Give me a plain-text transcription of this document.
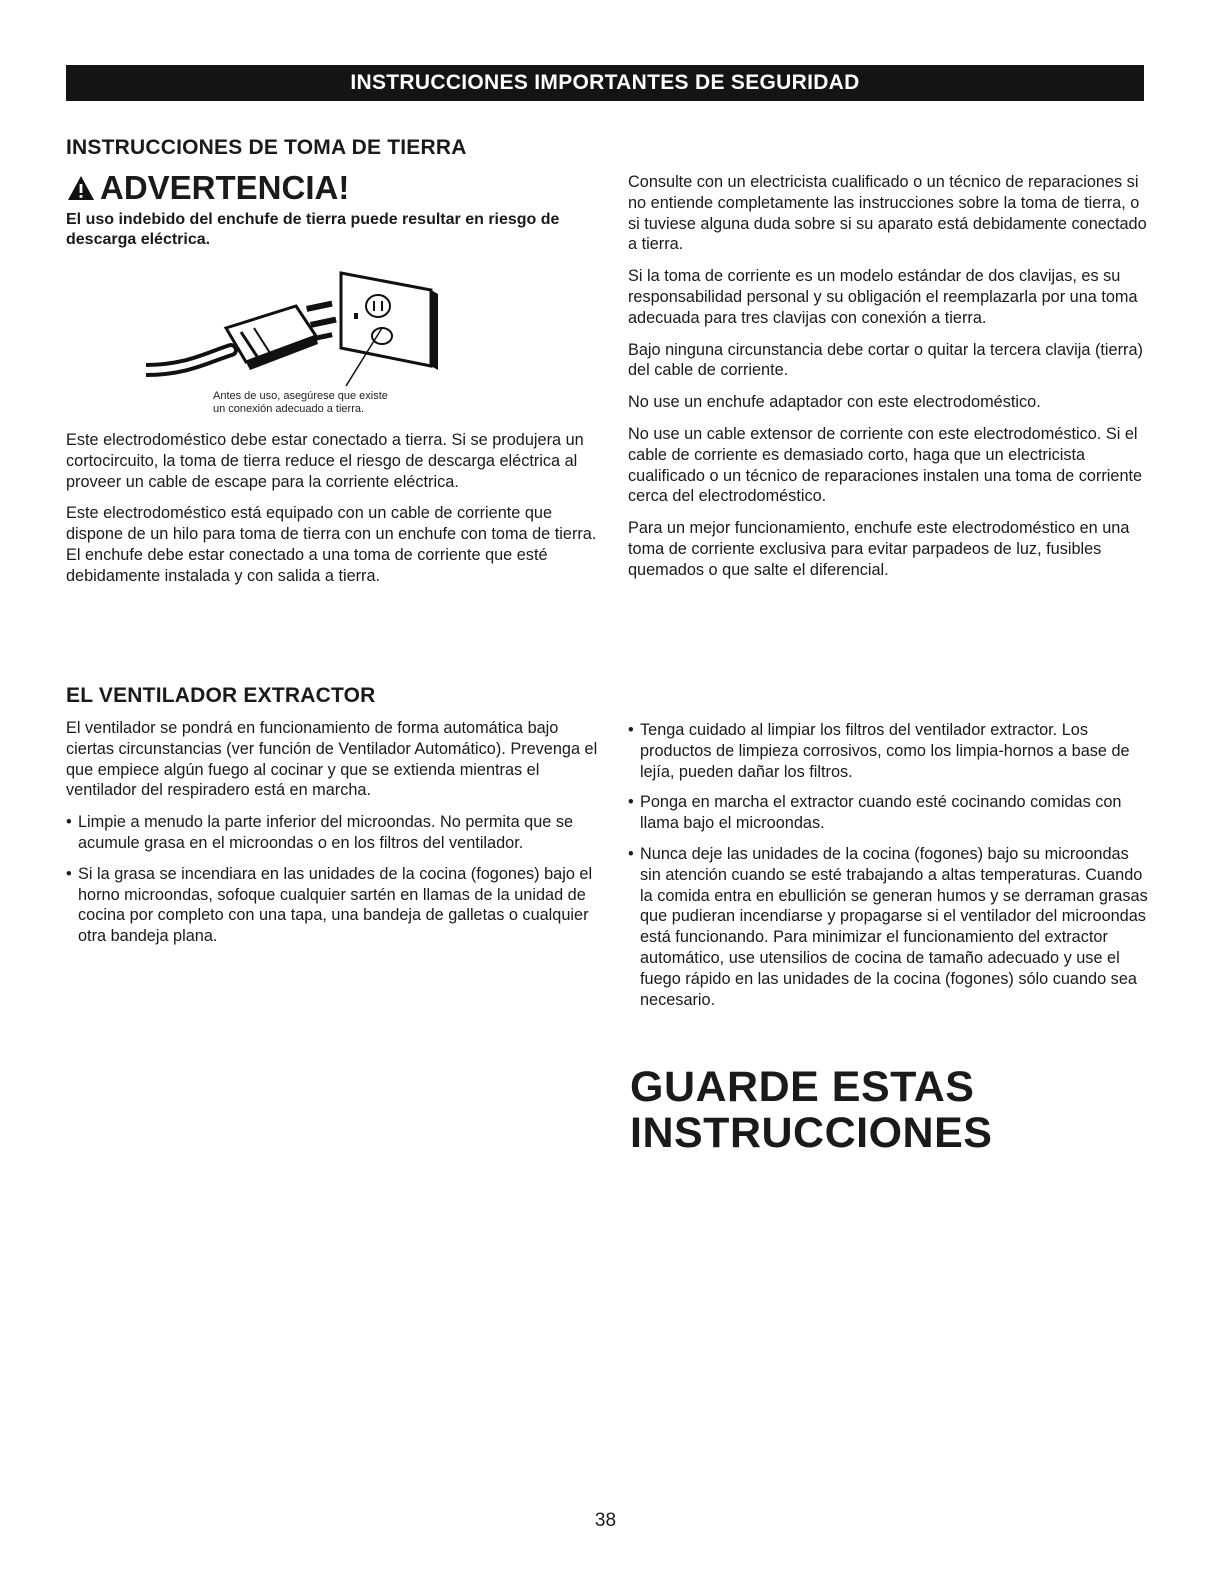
INSTRUCCIONES IMPORTANTES DE SEGURIDAD
INSTRUCCIONES DE TOMA DE TIERRA
ADVERTENCIA!

El uso indebido del enchufe de tierra puede resultar en riesgo de descarga eléctrica.

Antes de uso, asegúrese que existe
un conexión adecuado a tierra.

Este electrodoméstico debe estar conectado a tierra. Si se produjera un cortocircuito, la toma de tierra reduce el riesgo de descarga eléctrica al proveer un cable de escape para la corriente eléctrica.

Este electrodoméstico está equipado con un cable de corriente que dispone de un hilo para toma de tierra con un enchufe con toma de tierra. El enchufe debe estar conectado a una toma de corriente que esté debidamente instalada y con salida a tierra.

Consulte con un electricista cualificado o un técnico de reparaciones si no entiende completamente las instrucciones sobre la toma de tierra, o si tuviese alguna duda sobre si su aparato está debidamente conectado a tierra.

Si la toma de corriente es un modelo estándar de dos clavijas, es su responsabilidad personal y su obligación el reemplazarla por una toma adecuada para tres clavijas con conexión a tierra.

Bajo ninguna circunstancia debe cortar o quitar la tercera clavija (tierra) del cable de corriente.

No use un enchufe adaptador con este electrodoméstico.

No use un cable extensor de corriente con este electrodoméstico. Si el cable de corriente es demasiado corto, haga que un electricista cualificado o un técnico de reparaciones instalen una toma de corriente cerca del electrodoméstico.

Para un mejor funcionamiento, enchufe este electrodoméstico en una toma de corriente exclusiva para evitar parpadeos de luz, fusibles quemados o que salte el diferencial.

EL VENTILADOR EXTRACTOR

El ventilador se pondrá en funcionamiento de forma automática bajo ciertas circunstancias (ver función de Ventilador Automático). Prevenga el que empiece algún fuego al cocinar y que se extienda mientras el ventilador del respiradero está en marcha.

• Limpie a menudo la parte inferior del microondas. No permita que se acumule grasa en el microondas o en los filtros del ventilador.
• Si la grasa se incendiara en las unidades de la cocina (fogones) bajo el horno microondas, sofoque cualquier sartén en llamas de la unidad de cocina por completo con una tapa, una bandeja de galletas o cualquier otra bandeja plana.
• Tenga cuidado al limpiar los filtros del ventilador extractor. Los productos de limpieza corrosivos, como los limpia-hornos a base de lejía, pueden dañar los filtros.
• Ponga en marcha el extractor cuando esté cocinando comidas con llama bajo el microondas.
• Nunca deje las unidades de la cocina (fogones) bajo su microondas sin atención cuando se esté trabajando a altas temperaturas. Cuando la comida entra en ebullición se generan humos y se derraman grasas que pudieran incendiarse y propagarse si el ventilador del microondas está funcionando. Para minimizar el funcionamiento del extractor automático, use utensilios de cocina de tamaño adecuado y use el fuego rápido en las unidades de la cocina (fogones) sólo cuando sea necesario.
GUARDE ESTAS
INSTRUCCIONES
38
